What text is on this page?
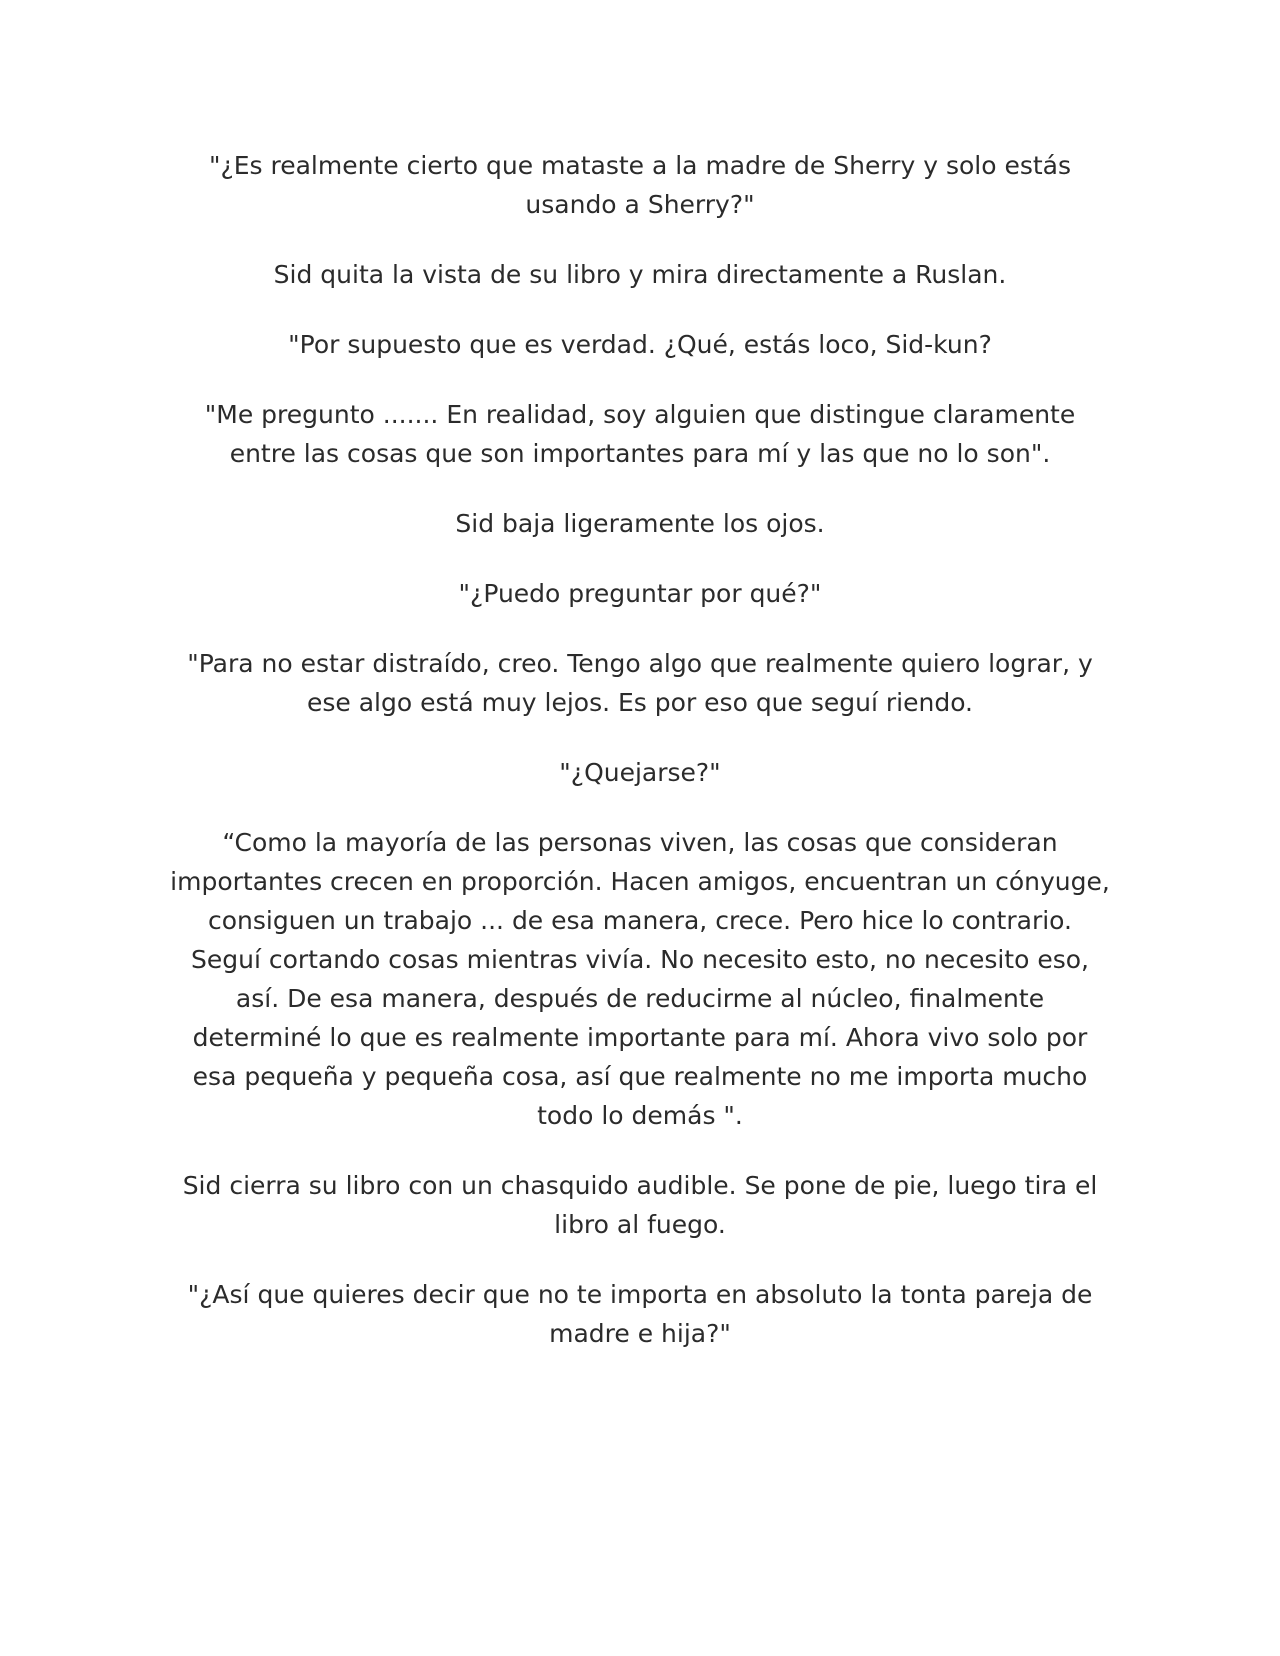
"¿Es realmente cierto que mataste a la madre de Sherry y solo estás usando a Sherry?"

Sid quita la vista de su libro y mira directamente a Ruslan.

"Por supuesto que es verdad. ¿Qué, estás loco, Sid-kun?

"Me pregunto ....... En realidad, soy alguien que distingue claramente entre las cosas que son importantes para mí y las que no lo son".

Sid baja ligeramente los ojos.

"¿Puedo preguntar por qué?"

"Para no estar distraído, creo. Tengo algo que realmente quiero lograr, y ese algo está muy lejos. Es por eso que seguí riendo.

"¿Quejarse?"

“Como la mayoría de las personas viven, las cosas que consideran importantes crecen en proporción. Hacen amigos, encuentran un cónyuge, consiguen un trabajo ... de esa manera, crece. Pero hice lo contrario. Seguí cortando cosas mientras vivía. No necesito esto, no necesito eso, así. De esa manera, después de reducirme al núcleo, finalmente determiné lo que es realmente importante para mí. Ahora vivo solo por esa pequeña y pequeña cosa, así que realmente no me importa mucho todo lo demás ".

Sid cierra su libro con un chasquido audible. Se pone de pie, luego tira el libro al fuego.

"¿Así que quieres decir que no te importa en absoluto la tonta pareja de madre e hija?"
